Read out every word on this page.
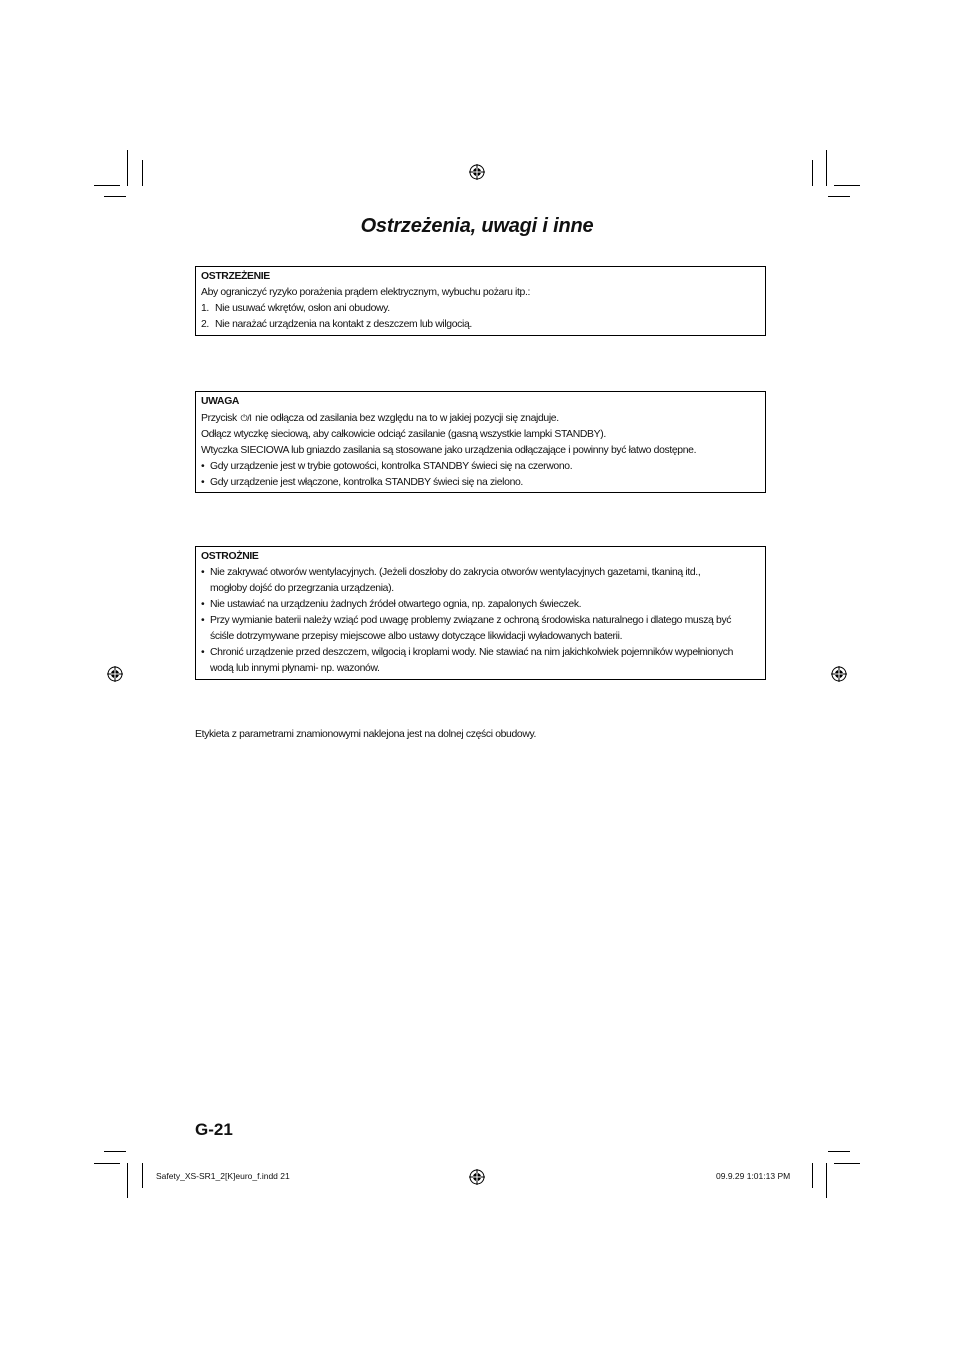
Ostrzeżenia, uwagi i inne
OSTRZEŻENIE
Aby ograniczyć ryzyko porażenia prądem elektrycznym, wybuchu pożaru itp.:
1. Nie usuwać wkrętów, osłon ani obudowy.
2. Nie narażać urządzenia na kontakt z deszczem lub wilgocią.
UWAGA
Przycisk ⏻/I nie odłącza od zasilania bez względu na to w jakiej pozycji się znajduje.
Odłącz wtyczkę sieciową, aby całkowicie odciąć zasilanie (gasną wszystkie lampki STANDBY).
Wtyczka SIECIOWA lub gniazdo zasilania są stosowane jako urządzenia odłączające i powinny być łatwo dostępne.
• Gdy urządzenie jest w trybie gotowości, kontrolka STANDBY świeci się na czerwono.
• Gdy urządzenie jest włączone, kontrolka STANDBY świeci się na zielono.
OSTROŻNIE
• Nie zakrywać otworów wentylacyjnych. (Jeżeli doszłoby do zakrycia otworów wentylacyjnych gazetami, tkaniną itd.,
mogłoby dojść do przegrzania urządzenia).
• Nie ustawiać na urządzeniu żadnych źródeł otwartego ognia, np. zapalonych świeczek.
• Przy wymianie baterii należy wziąć pod uwagę problemy związane z ochroną środowiska naturalnego i dlatego muszą być
ściśle dotrzymywane przepisy miejscowe albo ustawy dotyczące likwidacji wyładowanych baterii.
• Chronić urządzenie przed deszczem, wilgocią i kroplami wody. Nie stawiać na nim jakichkolwiek pojemników wypełnionych
wodą lub innymi płynami- np. wazonów.
Etykieta z parametrami znamionowymi naklejona jest na dolnej części obudowy.
G-21
Safety_XS-SR1_2[K]euro_f.indd 21	09.9.29 1:01:13 PM
